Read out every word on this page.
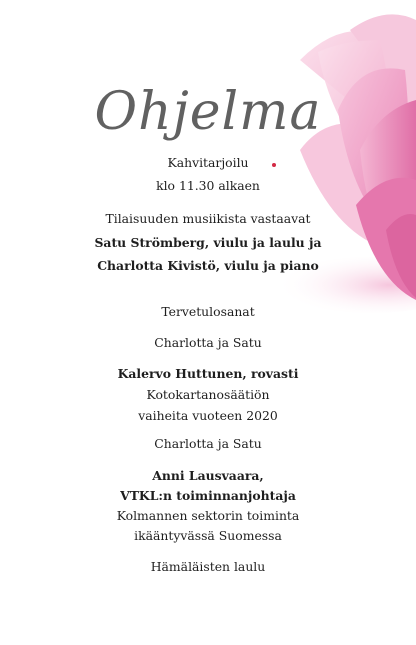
Ohjelma
Kahvitarjoilu
klo 11.30 alkaen
Tilaisuuden musiikista vastaavat
Satu Strömberg, viulu ja laulu ja
Charlotta Kivistö, viulu ja piano
Tervetulosanat
Charlotta ja Satu
Kalervo Huttunen, rovasti
Kotokartanosäätiön
vaiheita vuoteen 2020
Charlotta ja Satu
Anni Lausvaara,
VTKL:n toiminnanjohtaja
Kolmannen sektorin toiminta
ikääntyvässä Suomessa
Hämäläisten laulu
